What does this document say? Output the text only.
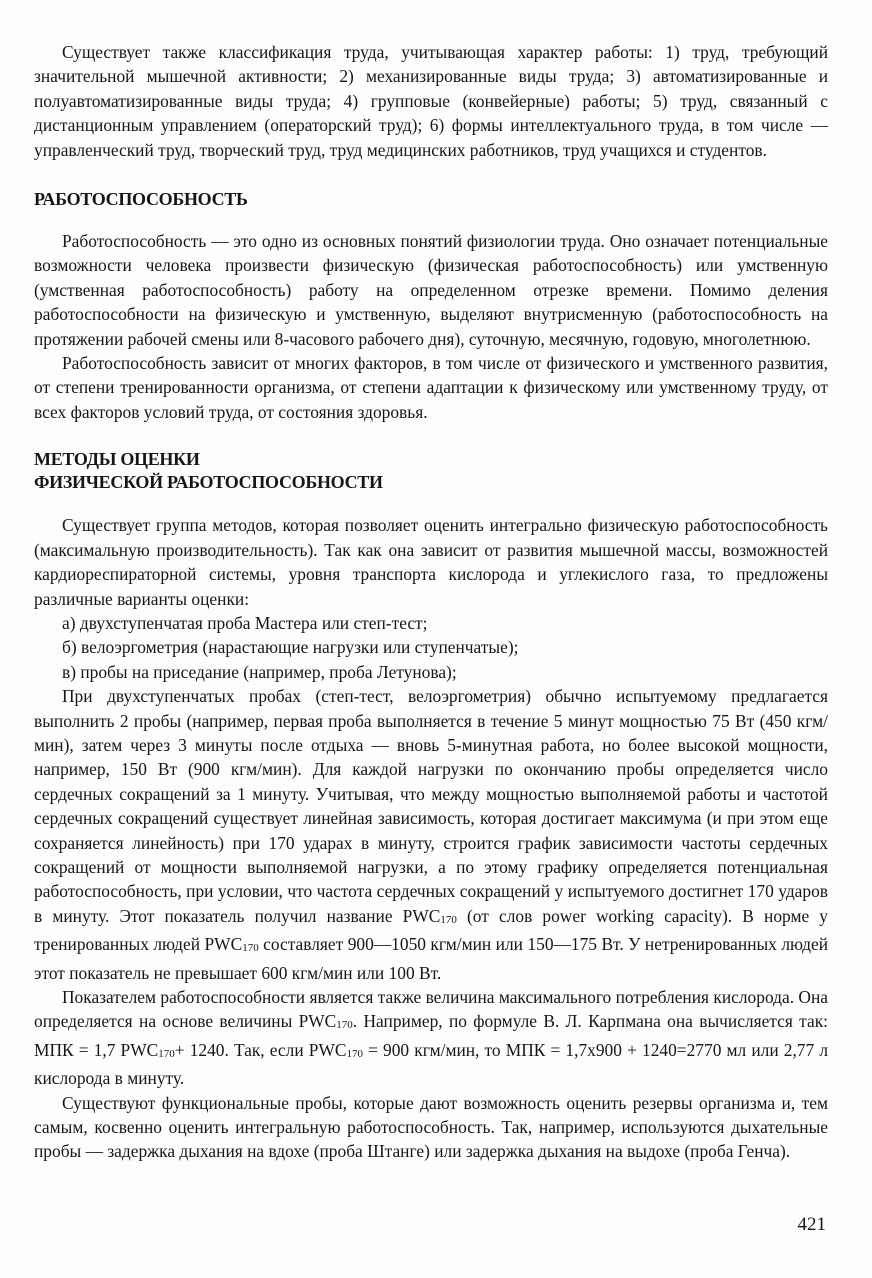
Существует также классификация труда, учитывающая характер работы: 1) труд, требующий значительной мышечной активности; 2) механизированные виды труда; 3) автоматизированные и полуавтоматизированные виды труда; 4) групповые (конвейерные) работы; 5) труд, связанный с дистанционным управлением (операторский труд); 6) формы интеллектуального труда, в том числе — управленческий труд, творческий труд, труд медицинских работников, труд учащихся и студентов.

РАБОТОСПОСОБНОСТЬ

Работоспособность — это одно из основных понятий физиологии труда. Оно означает потенциальные возможности человека произвести физическую (физическая работоспособность) или умственную (умственная работоспособность) работу на определенном отрезке времени. Помимо деления работоспособности на физическую и умственную, выделяют внутрисменную (работоспособность на протяжении рабочей смены или 8-часового рабочего дня), суточную, месячную, годовую, многолетнюю.

Работоспособность зависит от многих факторов, в том числе от физического и умственного развития, от степени тренированности организма, от степени адаптации к физическому или умственному труду, от всех факторов условий труда, от состояния здоровья.

МЕТОДЫ ОЦЕНКИ
ФИЗИЧЕСКОЙ РАБОТОСПОСОБНОСТИ

Существует группа методов, которая позволяет оценить интегрально физическую работоспособность (максимальную производительность). Так как она зависит от развития мышечной массы, возможностей кардиореспираторной системы, уровня транспорта кислорода и углекислого газа, то предложены различные варианты оценки:

а) двухступенчатая проба Мастера или степ-тест;

б) велоэргометрия (нарастающие нагрузки или ступенчатые);

в) пробы на приседание (например, проба Летунова);

При двухступенчатых пробах (степ-тест, велоэргометрия) обычно испытуемому предлагается выполнить 2 пробы (например, первая проба выполняется в течение 5 минут мощностью 75 Вт (450 кгм/мин), затем через 3 минуты после отдыха — вновь 5-минутная работа, но более высокой мощности, например, 150 Вт (900 кгм/мин). Для каждой нагрузки по окончанию пробы определяется число сердечных сокращений за 1 минуту. Учитывая, что между мощностью выполняемой работы и частотой сердечных сокращений существует линейная зависимость, которая достигает максимума (и при этом еще сохраняется линейность) при 170 ударах в минуту, строится график зависимости частоты сердечных сокращений от мощности выполняемой нагрузки, а по этому графику определяется потенциальная работоспособность, при условии, что частота сердечных сокращений у испытуемого достигнет 170 ударов в минуту. Этот показатель получил название PWC170 (от слов power working capacity). В норме у тренированных людей PWC170 составляет 900—1050 кгм/мин или 150—175 Вт. У нетренированных людей этот показатель не превышает 600 кгм/мин или 100 Вт.

Показателем работоспособности является также величина максимального потребления кислорода. Она определяется на основе величины PWC170. Например, по формуле В. Л. Карпмана она вычисляется так: МПК = 1,7 PWC170+ 1240. Так, если PWC170 = 900 кгм/мин, то МПК = 1,7х900 + 1240=2770 мл или 2,77 л кислорода в минуту.

Существуют функциональные пробы, которые дают возможность оценить резервы организма и, тем самым, косвенно оценить интегральную работоспособность. Так, например, используются дыхательные пробы — задержка дыхания на вдохе (проба Штанге) или задержка дыхания на выдохе (проба Генча).

421
